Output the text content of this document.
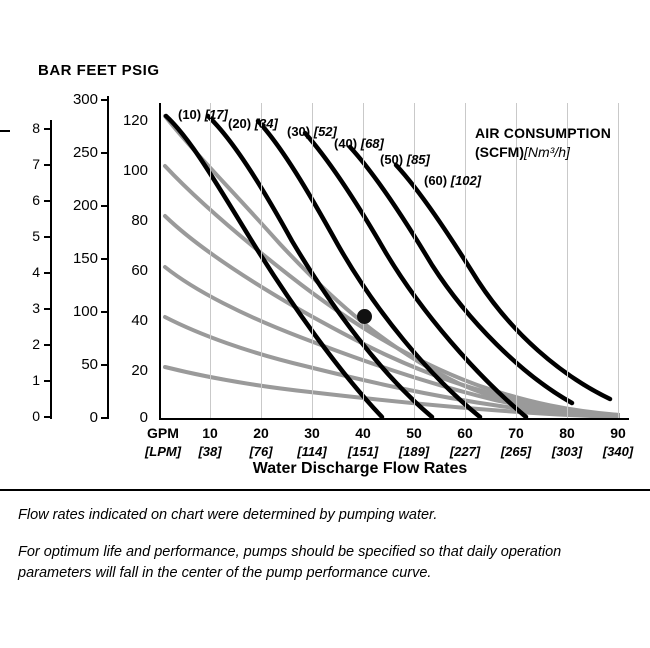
BAR FEET PSIG
8
7
6
5
4
3
2
1
0
300
250
200
150
100
50
0
120
100
80
60
40
20
0
(10) [17]
(20) [34]
(30) [52]
(40) [68]
(50) [85]
(60) [102]
AIR CONSUMPTION
(SCFM)[Nm³/h]
GPM	10	20	30	40	50	60	70	80	90
[LPM]	[38]	[76]	[114]	[151]	[189]	[227]	[265]	[303]	[340]
Water Discharge Flow Rates

Flow rates indicated on chart were determined by pumping water.

For optimum life and performance, pumps should be specified so that daily operation parameters will fall in the center of the pump performance curve.
